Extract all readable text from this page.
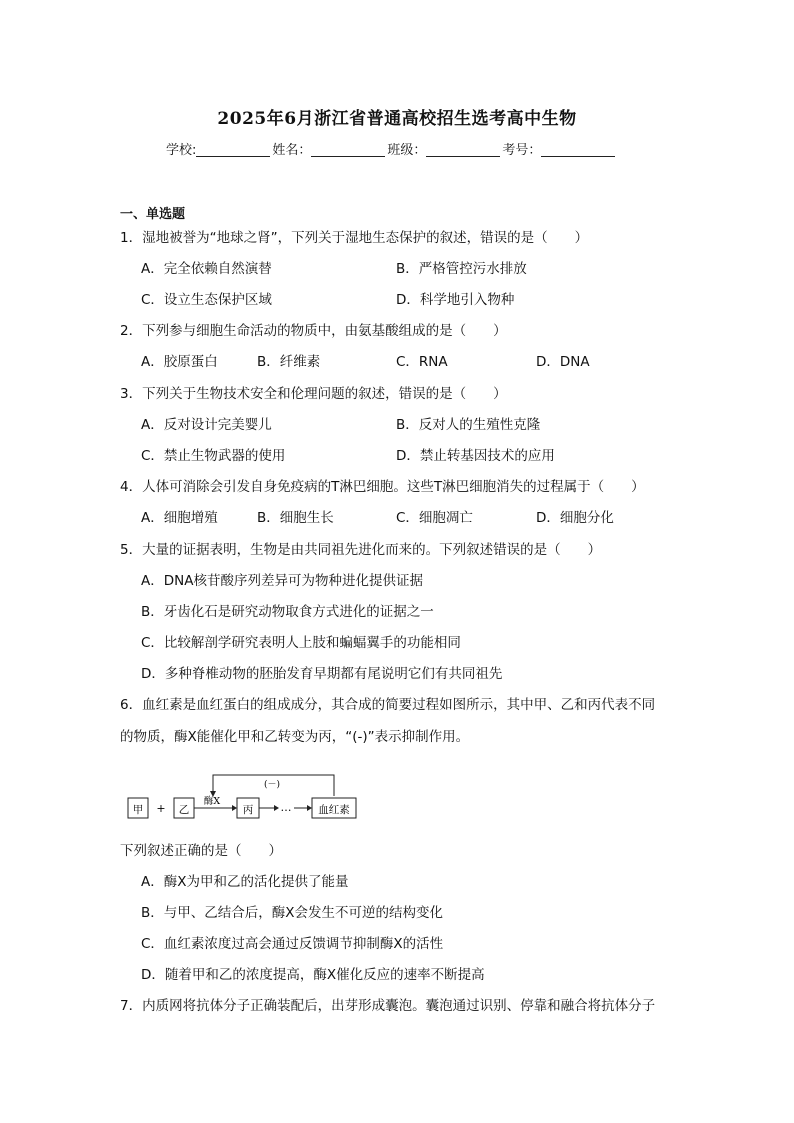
2025年6月浙江省普通高校招生选考高中生物
学校:	姓名：	班级：	考号：
一、单选题
1．湿地被誉为“地球之肾”，下列关于湿地生态保护的叙述，错误的是（　　）
A．完全依赖自然演替	B．严格管控污水排放
C．设立生态保护区域	D．科学地引入物种
2．下列参与细胞生命活动的物质中，由氨基酸组成的是（　　）
A．胶原蛋白	B．纤维素	C．RNA	D．DNA
3．下列关于生物技术安全和伦理问题的叙述，错误的是（　　）
A．反对设计完美婴儿	B．反对人的生殖性克隆
C．禁止生物武器的使用	D．禁止转基因技术的应用
4．人体可消除会引发自身免疫病的T淋巴细胞。这些T淋巴细胞消失的过程属于（　　）
A．细胞增殖	B．细胞生长	C．细胞凋亡	D．细胞分化
5．大量的证据表明，生物是由共同祖先进化而来的。下列叙述错误的是（　　）
A．DNA核苷酸序列差异可为物种进化提供证据
B．牙齿化石是研究动物取食方式进化的证据之一
C．比较解剖学研究表明人上肢和蝙蝠翼手的功能相同
D．多种脊椎动物的胚胎发育早期都有尾说明它们有共同祖先
6．血红素是血红蛋白的组成成分，其合成的简要过程如图所示，其中甲、乙和丙代表不同
的物质，酶X能催化甲和乙转变为丙，“(-)”表示抑制作用。
(－)
甲 + 乙
酶X
丙 …	血红素
下列叙述正确的是（　　）
A．酶X为甲和乙的活化提供了能量
B．与甲、乙结合后，酶X会发生不可逆的结构变化
C．血红素浓度过高会通过反馈调节抑制酶X的活性
D．随着甲和乙的浓度提高，酶X催化反应的速率不断提高
7．内质网将抗体分子正确装配后，出芽形成囊泡。囊泡通过识别、停靠和融合将抗体分子
